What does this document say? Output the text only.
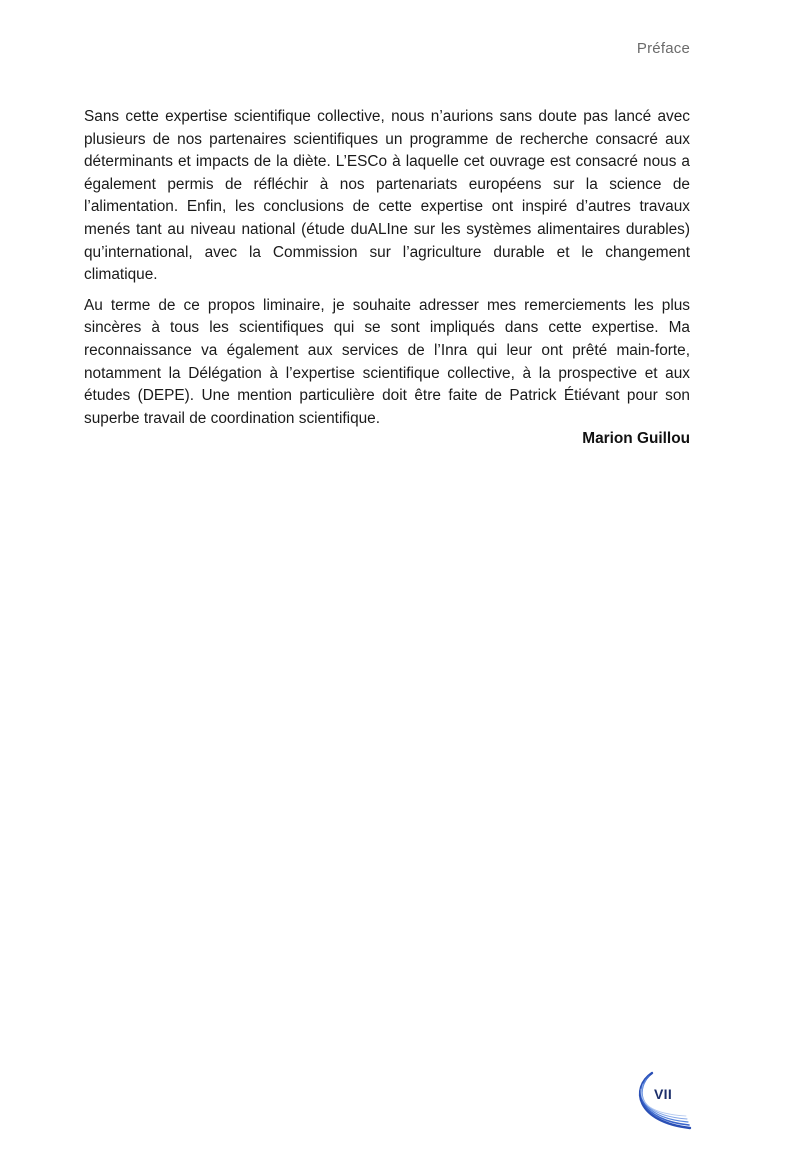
Préface

Sans cette expertise scientifique collective, nous n’aurions sans doute pas lancé avec plusieurs de nos partenaires scientifiques un programme de recherche consacré aux déterminants et impacts de la diète. L’ESCo à laquelle cet ouvrage est consacré nous a également permis de réfléchir à nos partenariats européens sur la science de l’alimentation. Enfin, les conclusions de cette expertise ont inspiré d’autres travaux menés tant au niveau national (étude duALIne sur les systèmes alimentaires durables) qu’international, avec la Commission sur l’agriculture durable et le changement climatique.

Au terme de ce propos liminaire, je souhaite adresser mes remerciements les plus sincères à tous les scientifiques qui se sont impliqués dans cette expertise. Ma reconnaissance va également aux services de l’Inra qui leur ont prêté main-forte, notamment la Délégation à l’expertise scientifique collective, à la prospective et aux études (DEPE). Une mention particulière doit être faite de Patrick Étiévant pour son superbe travail de coordination scientifique.

Marion Guillou
VII
